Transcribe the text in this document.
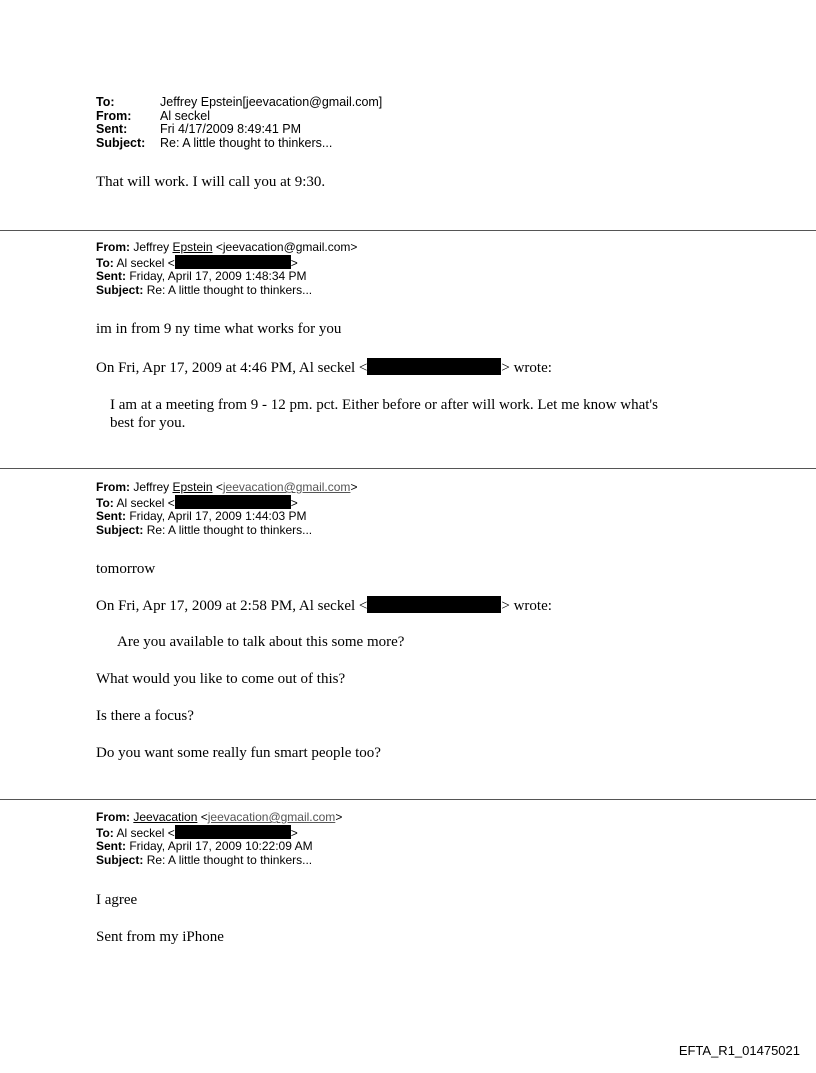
To:	Jeffrey Epstein[jeevacation@gmail.com]
From:	Al seckel
Sent:	Fri 4/17/2009 8:49:41 PM
Subject:	Re: A little thought to thinkers...
That will work. I will call you at 9:30.
From: Jeffrey Epstein <jeevacation@gmail.com>
To: Al seckel <	>
Sent: Friday, April 17, 2009 1:48:34 PM
Subject: Re: A little thought to thinkers...
im in from 9 ny time what works for you
On Fri, Apr 17, 2009 at 4:46 PM, Al seckel <	> wrote:
I am at a meeting from 9 - 12 pm. pct. Either before or after will work. Let me know what's
best for you.
From: Jeffrey Epstein <jeevacation@gmail.com>
To: Al seckel <	>
Sent: Friday, April 17, 2009 1:44:03 PM
Subject: Re: A little thought to thinkers...
tomorrow
On Fri, Apr 17, 2009 at 2:58 PM, Al seckel <	> wrote:
Are you available to talk about this some more?
What would you like to come out of this?
Is there a focus?
Do you want some really fun smart people too?
From: Jeevacation <jeevacation@gmail.com>
To: Al seckel <	>
Sent: Friday, April 17, 2009 10:22:09 AM
Subject: Re: A little thought to thinkers...
I agree
Sent from my iPhone
EFTA_R1_01475021
